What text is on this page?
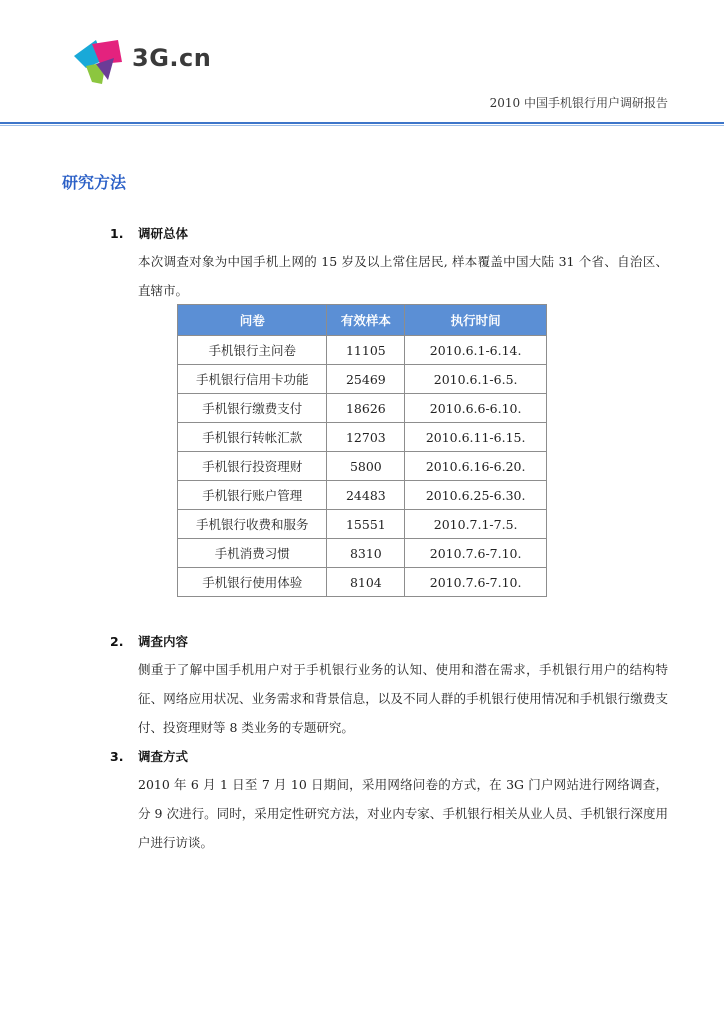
3G.cn
2010 中国手机银行用户调研报告
研究方法
1. 调研总体
本次调查对象为中国手机上网的 15 岁及以上常住居民, 样本覆盖中国大陆 31 个省、自治区、直辖市。
问卷	有效样本	执行时间
手机银行主问卷	11105	2010.6.1-6.14.
手机银行信用卡功能	25469	2010.6.1-6.5.
手机银行缴费支付	18626	2010.6.6-6.10.
手机银行转帐汇款	12703	2010.6.11-6.15.
手机银行投资理财	5800	2010.6.16-6.20.
手机银行账户管理	24483	2010.6.25-6.30.
手机银行收费和服务	15551	2010.7.1-7.5.
手机消费习惯	8310	2010.7.6-7.10.
手机银行使用体验	8104	2010.7.6-7.10.
2. 调查内容
侧重于了解中国手机用户对于手机银行业务的认知、使用和潜在需求，手机银行用户的结构特征、网络应用状况、业务需求和背景信息，以及不同人群的手机银行使用情况和手机银行缴费支付、投资理财等 8 类业务的专题研究。
3. 调查方式
2010 年 6 月 1 日至 7 月 10 日期间，采用网络问卷的方式，在 3G 门户网站进行网络调查，分 9 次进行。同时，采用定性研究方法，对业内专家、手机银行相关从业人员、手机银行深度用户进行访谈。
